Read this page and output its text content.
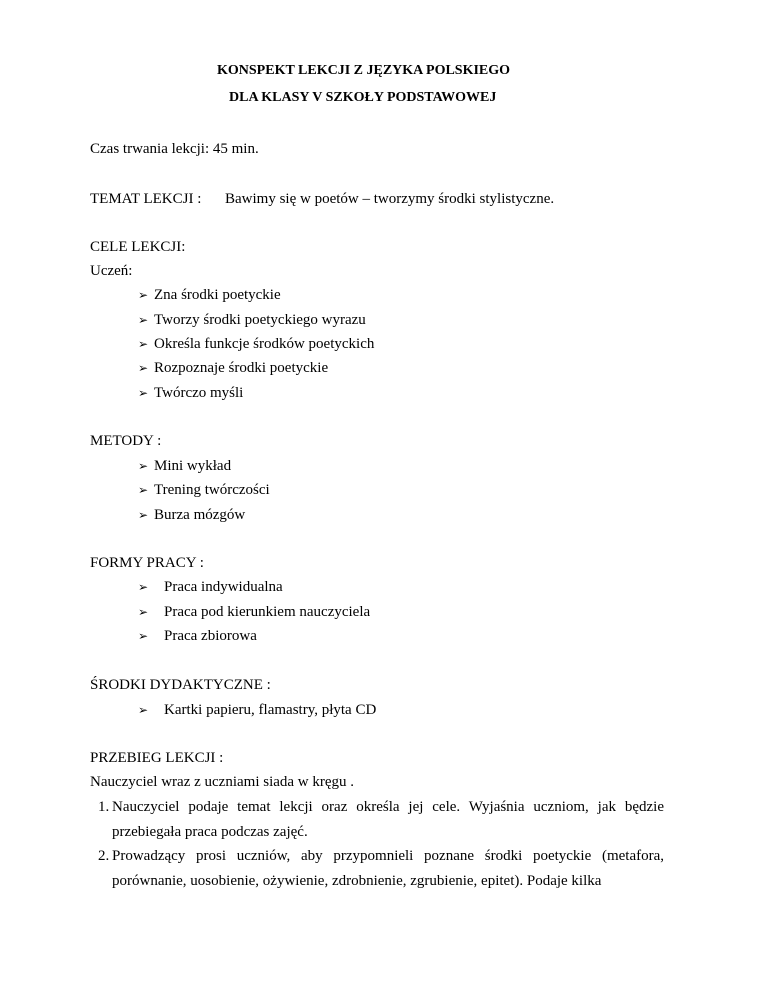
KONSPEKT LEKCJI Z JĘZYKA POLSKIEGO
DLA KLASY V SZKOŁY PODSTAWOWEJ
Czas trwania lekcji: 45 min.
TEMAT LEKCJI : Bawimy się w poetów – tworzymy środki stylistyczne.
CELE LEKCJI:
Uczeń:
➢ Zna środki poetyckie
➢ Tworzy środki poetyckiego wyrazu
➢ Określa funkcje środków poetyckich
➢ Rozpoznaje środki poetyckie
➢ Twórczo myśli
METODY :
➢ Mini wykład
➢ Trening twórczości
➢ Burza mózgów
FORMY PRACY :
➢ Praca indywidualna
➢ Praca pod kierunkiem nauczyciela
➢ Praca zbiorowa
ŚRODKI DYDAKTYCZNE :
➢ Kartki papieru, flamastry, płyta CD
PRZEBIEG LEKCJI :
Nauczyciel wraz z uczniami siada w kręgu .
1. Nauczyciel podaje temat lekcji oraz określa jej cele. Wyjaśnia uczniom, jak będzie przebiegała praca podczas zajęć.
2. Prowadzący prosi uczniów, aby przypomnieli poznane środki poetyckie (metafora, porównanie, uosobienie, ożywienie, zdrobnienie, zgrubienie, epitet). Podaje kilka
